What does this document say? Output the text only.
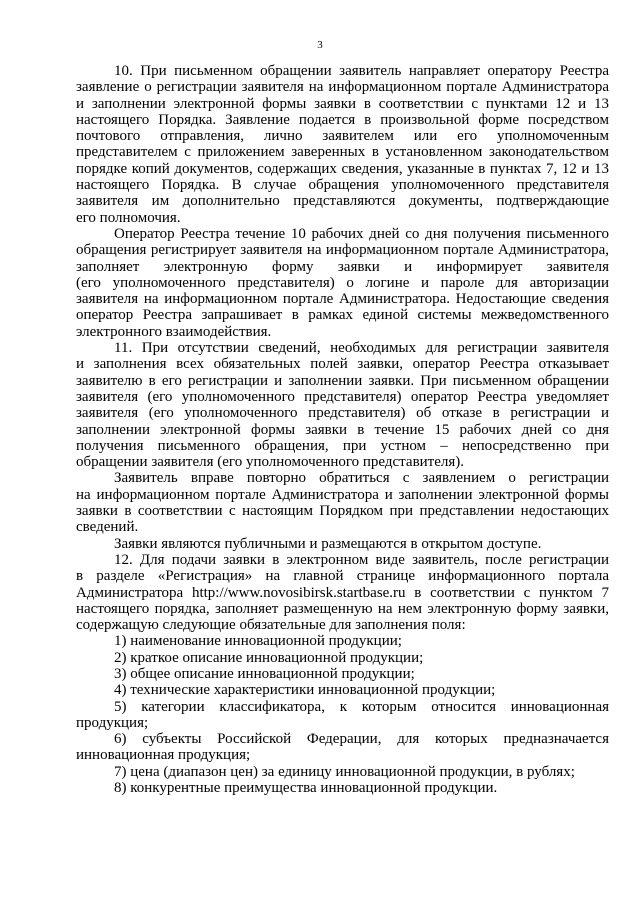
3
10. При письменном обращении заявитель направляет оператору Реестра
заявление о регистрации заявителя на информационном портале Администратора
и заполнении электронной формы заявки в соответствии с пунктами 12 и 13
настоящего Порядка. Заявление подается в произвольной форме посредством
почтового отправления, лично заявителем или его уполномоченным
представителем с приложением заверенных в установленном законодательством
порядке копий документов, содержащих сведения, указанные в пунктах 7, 12 и 13
настоящего Порядка. В случае обращения уполномоченного представителя
заявителя им дополнительно представляются документы, подтверждающие
его полномочия.
Оператор Реестра течение 10 рабочих дней со дня получения письменного
обращения регистрирует заявителя на информационном портале Администратора,
заполняет электронную форму заявки и информирует заявителя
(его уполномоченного представителя) о логине и пароле для авторизации
заявителя на информационном портале Администратора. Недостающие сведения
оператор Реестра запрашивает в рамках единой системы межведомственного
электронного взаимодействия.
11. При отсутствии сведений, необходимых для регистрации заявителя
и заполнения всех обязательных полей заявки, оператор Реестра отказывает
заявителю в его регистрации и заполнении заявки. При письменном обращении
заявителя (его уполномоченного представителя) оператор Реестра уведомляет
заявителя (его уполномоченного представителя) об отказе в регистрации и
заполнении электронной формы заявки в течение 15 рабочих дней со дня
получения письменного обращения, при устном – непосредственно при
обращении заявителя (его уполномоченного представителя).
Заявитель вправе повторно обратиться с заявлением о регистрации
на информационном портале Администратора и заполнении электронной формы
заявки в соответствии с настоящим Порядком при представлении недостающих
сведений.
Заявки являются публичными и размещаются в открытом доступе.
12. Для подачи заявки в электронном виде заявитель, после регистрации
в разделе «Регистрация» на главной странице информационного портала
Администратора http://www.novosibirsk.startbase.ru в соответствии с пунктом 7
настоящего порядка, заполняет размещенную на нем электронную форму заявки,
содержащую следующие обязательные для заполнения поля:
1) наименование инновационной продукции;
2) краткое описание инновационной продукции;
3) общее описание инновационной продукции;
4) технические характеристики инновационной продукции;
5) категории классификатора, к которым относится инновационная
продукция;
6) субъекты Российской Федерации, для которых предназначается
инновационная продукция;
7) цена (диапазон цен) за единицу инновационной продукции, в рублях;
8) конкурентные преимущества инновационной продукции.
